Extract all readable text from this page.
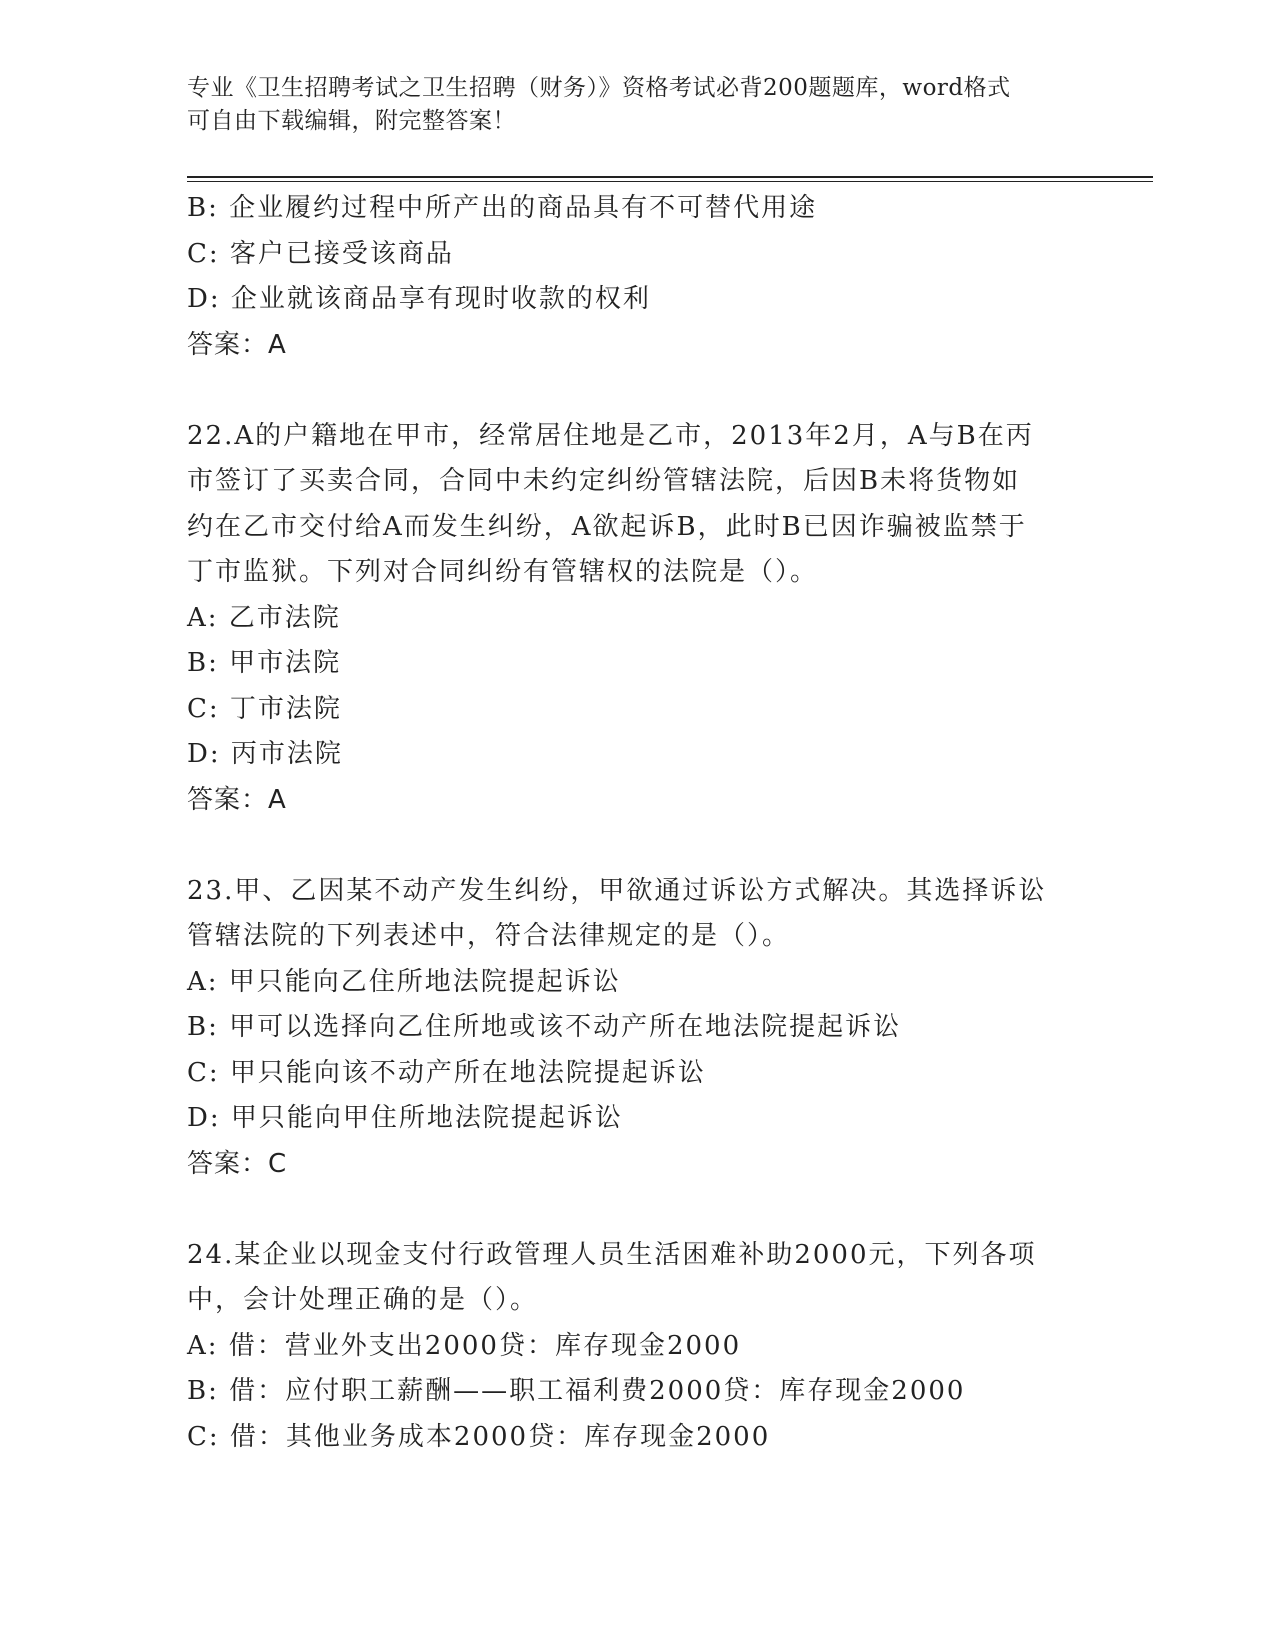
专业《卫生招聘考试之卫生招聘（财务）》资格考试必背200题题库，word格式
可自由下载编辑，附完整答案！
B: 企业履约过程中所产出的商品具有不可替代用途
C: 客户已接受该商品
D: 企业就该商品享有现时收款的权利
答案：A
22.A的户籍地在甲市，经常居住地是乙市，2013年2月，A与B在丙
市签订了买卖合同，合同中未约定纠纷管辖法院，后因B未将货物如
约在乙市交付给A而发生纠纷，A欲起诉B，此时B已因诈骗被监禁于
丁市监狱。下列对合同纠纷有管辖权的法院是（）。
A: 乙市法院
B: 甲市法院
C: 丁市法院
D: 丙市法院
答案：A
23.甲、乙因某不动产发生纠纷，甲欲通过诉讼方式解决。其选择诉讼
管辖法院的下列表述中，符合法律规定的是（）。
A: 甲只能向乙住所地法院提起诉讼
B: 甲可以选择向乙住所地或该不动产所在地法院提起诉讼
C: 甲只能向该不动产所在地法院提起诉讼
D: 甲只能向甲住所地法院提起诉讼
答案：C
24.某企业以现金支付行政管理人员生活困难补助2000元，下列各项
中，会计处理正确的是（）。
A: 借：营业外支出2000贷：库存现金2000
B: 借：应付职工薪酬——职工福利费2000贷：库存现金2000
C: 借：其他业务成本2000贷：库存现金2000
